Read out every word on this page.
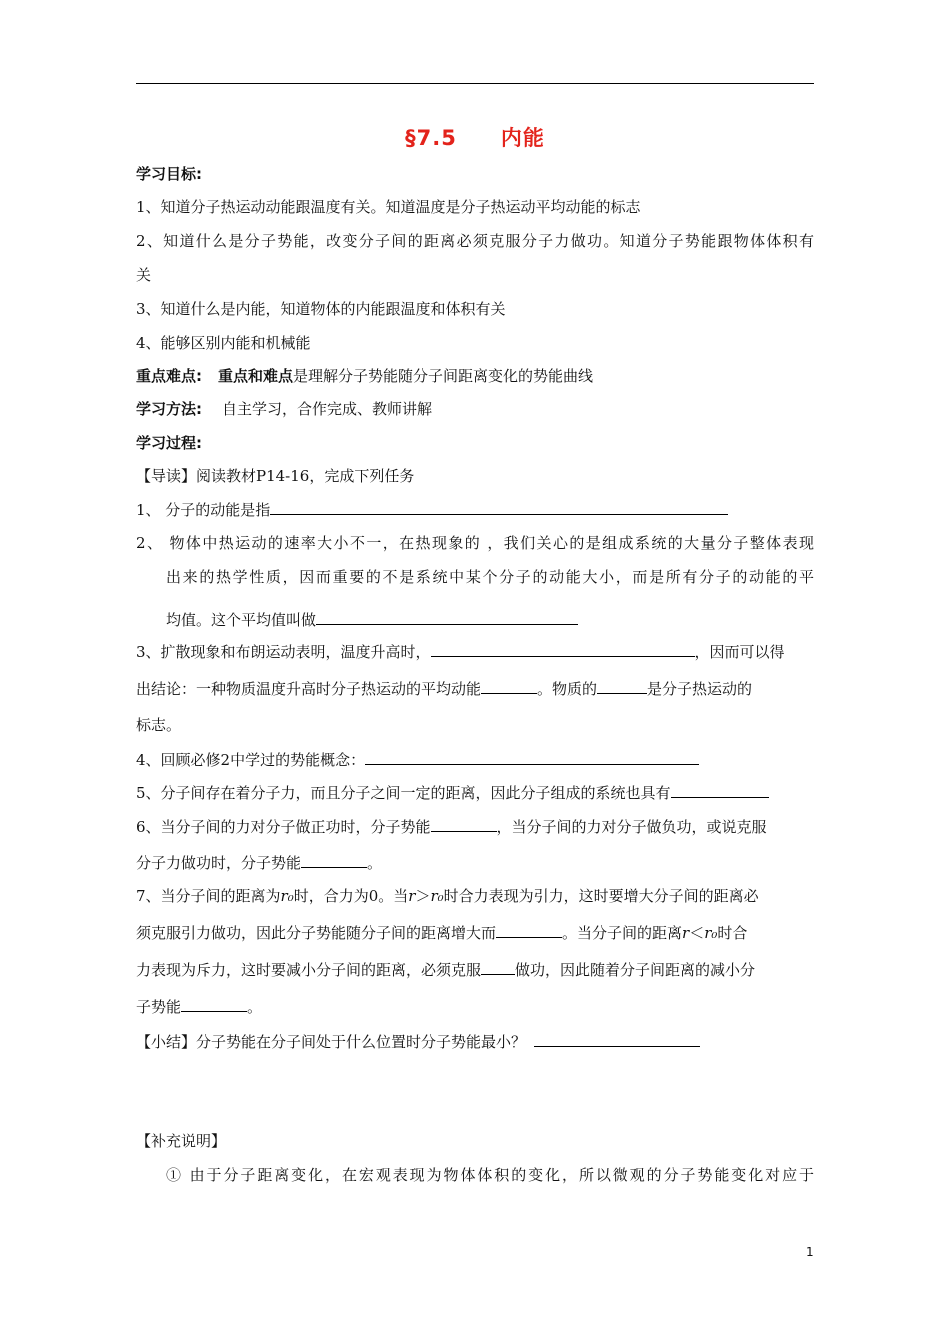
§7.5 内能
学习目标:
1、知道分子热运动动能跟温度有关。知道温度是分子热运动平均动能的标志
2、知道什么是分子势能，改变分子间的距离必须克服分子力做功。知道分子势能跟物体体积有
关
3、知道什么是内能，知道物体的内能跟温度和体积有关
4、能够区别内能和机械能
重点难点: 重点和难点是理解分子势能随分子间距离变化的势能曲线
学习方法: 自主学习，合作完成、教师讲解
学习过程:
【导读】阅读教材P14-16，完成下列任务
1、 分子的动能是指
2、 物体中热运动的速率大小不一，在热现象的 ，我们关心的是组成系统的大量分子整体表现
出来的热学性质，因而重要的不是系统中某个分子的动能大小，而是所有分子的动能的平
均值。这个平均值叫做
3、扩散现象和布朗运动表明，温度升高时，	，因而可以得
出结论：一种物质温度升高时分子热运动的平均动能	。物质的	是分子热运动的
标志。
4、回顾必修2中学过的势能概念：
5、分子间存在着分子力，而且分子之间一定的距离，因此分子组成的系统也具有
6、当分子间的力对分子做正功时，分子势能	，当分子间的力对分子做负功，或说克服
分子力做功时，分子势能	。
7、当分子间的距离为r₀时，合力为0。当r＞r₀时合力表现为引力，这时要增大分子间的距离必
须克服引力做功，因此分子势能随分子间的距离增大而	。当分子间的距离r＜r₀时合
力表现为斥力，这时要减小分子间的距离，必须克服 做功，因此随着分子间距离的减小分
子势能	。
【小结】分子势能在分子间处于什么位置时分子势能最小？
【补充说明】
① 由于分子距离变化，在宏观表现为物体体积的变化，所以微观的分子势能变化对应于
1
